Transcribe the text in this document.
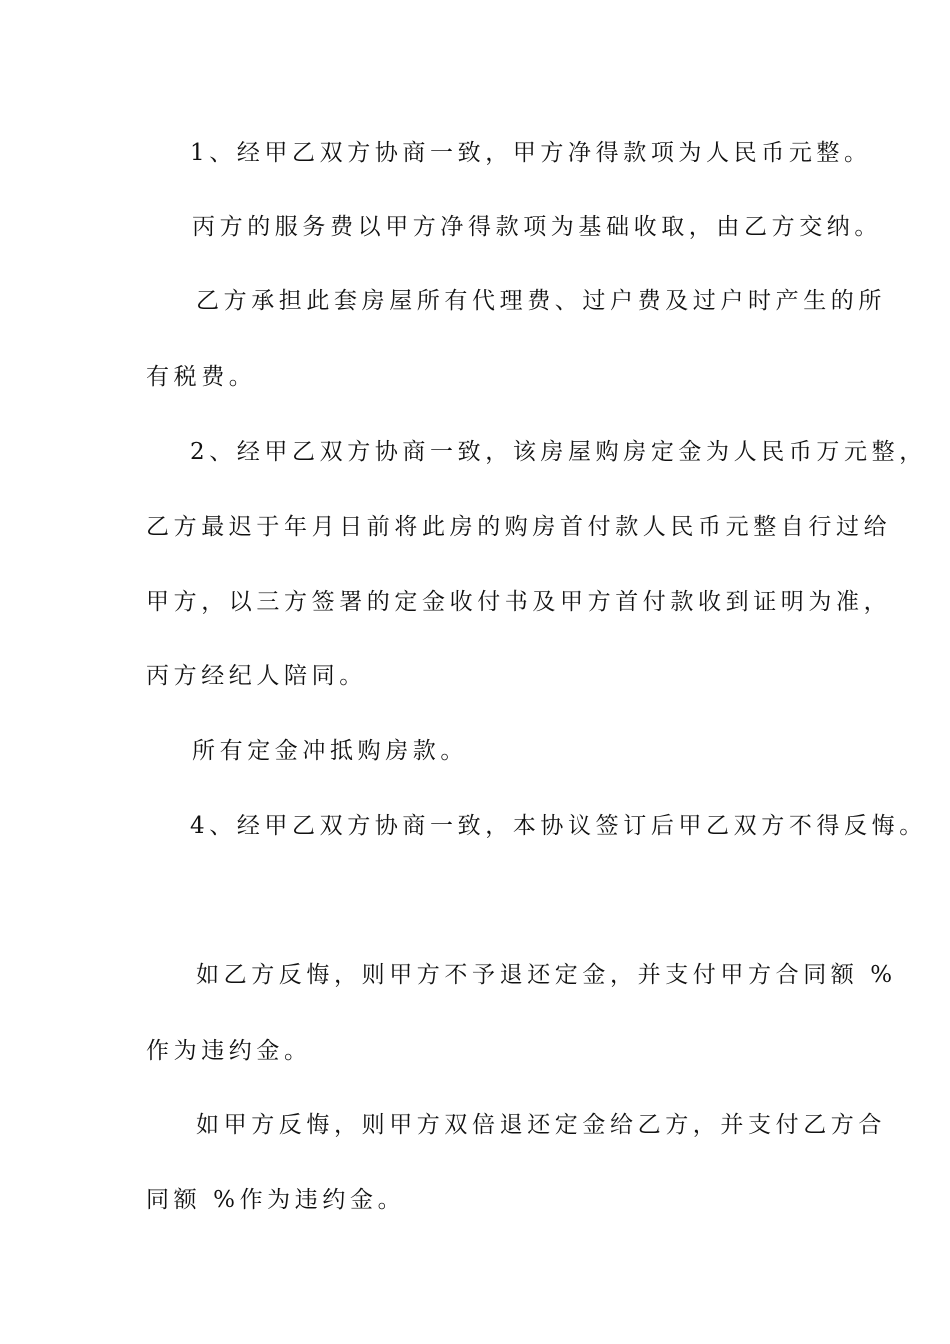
1、经甲乙双方协商一致，甲方净得款项为人民币元整。
丙方的服务费以甲方净得款项为基础收取，由乙方交纳。
乙方承担此套房屋所有代理费、过户费及过户时产生的所
有税费。
2、经甲乙双方协商一致，该房屋购房定金为人民币万元整，
乙方最迟于年月日前将此房的购房首付款人民币元整自行过给
甲方，以三方签署的定金收付书及甲方首付款收到证明为准，
丙方经纪人陪同。
所有定金冲抵购房款。
4、经甲乙双方协商一致，本协议签订后甲乙双方不得反悔。
如乙方反悔，则甲方不予退还定金，并支付甲方合同额 %
作为违约金。
如甲方反悔，则甲方双倍退还定金给乙方，并支付乙方合
同额 %作为违约金。
